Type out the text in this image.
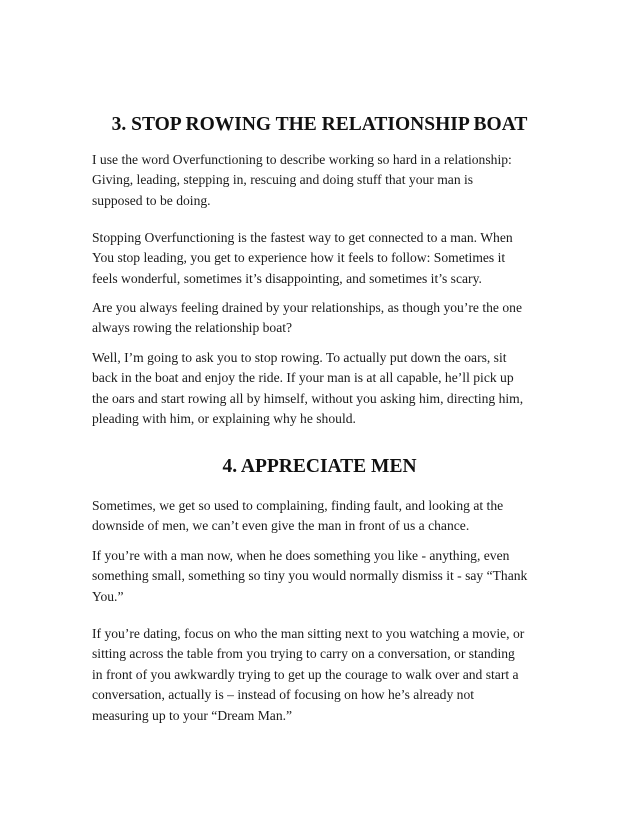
3. STOP ROWING THE RELATIONSHIP BOAT

I use the word Overfunctioning to describe working so hard in a relationship:
Giving, leading, stepping in, rescuing and doing stuff that your man is
supposed to be doing.

Stopping Overfunctioning is the fastest way to get connected to a man. When
You stop leading, you get to experience how it feels to follow: Sometimes it
feels wonderful, sometimes it’s disappointing, and sometimes it’s scary.

Are you always feeling drained by your relationships, as though you’re the one
always rowing the relationship boat?

Well, I’m going to ask you to stop rowing. To actually put down the oars, sit
back in the boat and enjoy the ride. If your man is at all capable, he’ll pick up
the oars and start rowing all by himself, without you asking him, directing him,
pleading with him, or explaining why he should.

4. APPRECIATE MEN

Sometimes, we get so used to complaining, finding fault, and looking at the
downside of men, we can’t even give the man in front of us a chance.

If you’re with a man now, when he does something you like - anything, even
something small, something so tiny you would normally dismiss it - say “Thank
You.”

If you’re dating, focus on who the man sitting next to you watching a movie, or
sitting across the table from you trying to carry on a conversation, or standing
in front of you awkwardly trying to get up the courage to walk over and start a
conversation, actually is – instead of focusing on how he’s already not
measuring up to your “Dream Man.”
